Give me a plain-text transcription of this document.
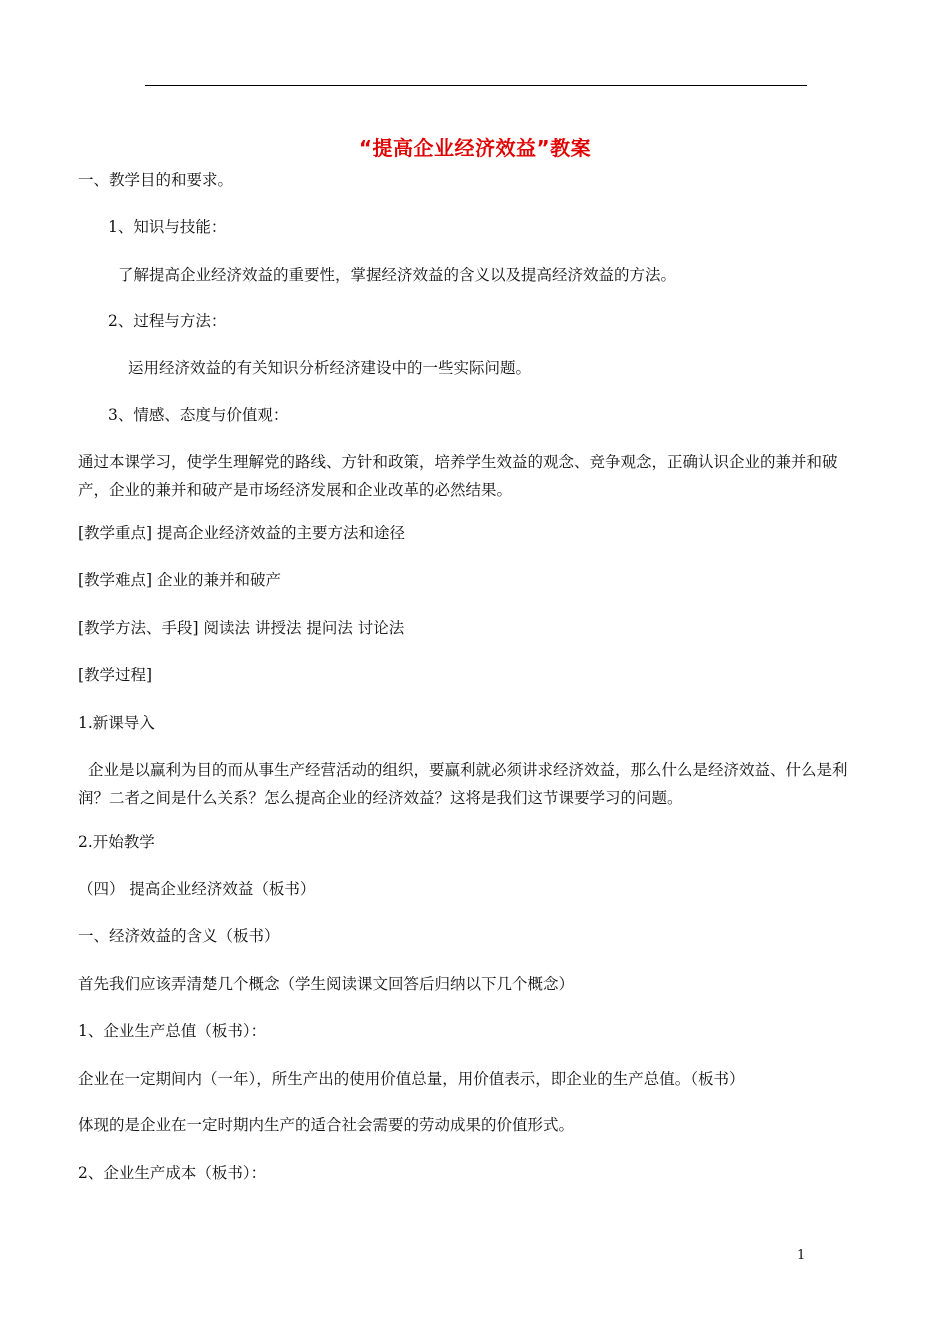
“提高企业经济效益”教案
一、教学目的和要求。
1、知识与技能：
了解提高企业经济效益的重要性，掌握经济效益的含义以及提高经济效益的方法。
2、过程与方法：
运用经济效益的有关知识分析经济建设中的一些实际问题。
3、情感、态度与价值观：
通过本课学习，使学生理解党的路线、方针和政策，培养学生效益的观念、竞争观念，正确认识企业的兼并和破产，企业的兼并和破产是市场经济发展和企业改革的必然结果。
[教学重点] 提高企业经济效益的主要方法和途径
[教学难点] 企业的兼并和破产
[教学方法、手段] 阅读法 讲授法 提问法 讨论法
[教学过程]
1.新课导入
企业是以赢利为目的而从事生产经营活动的组织，要赢利就必须讲求经济效益，那么什么是经济效益、什么是利润？二者之间是什么关系？怎么提高企业的经济效益？这将是我们这节课要学习的问题。
2.开始教学
（四） 提高企业经济效益（板书）
一、经济效益的含义（板书）
首先我们应该弄清楚几个概念（学生阅读课文回答后归纳以下几个概念）
1、企业生产总值（板书）：
企业在一定期间内（一年），所生产出的使用价值总量，用价值表示，即企业的生产总值。（板书）
体现的是企业在一定时期内生产的适合社会需要的劳动成果的价值形式。
2、企业生产成本（板书）：
1
